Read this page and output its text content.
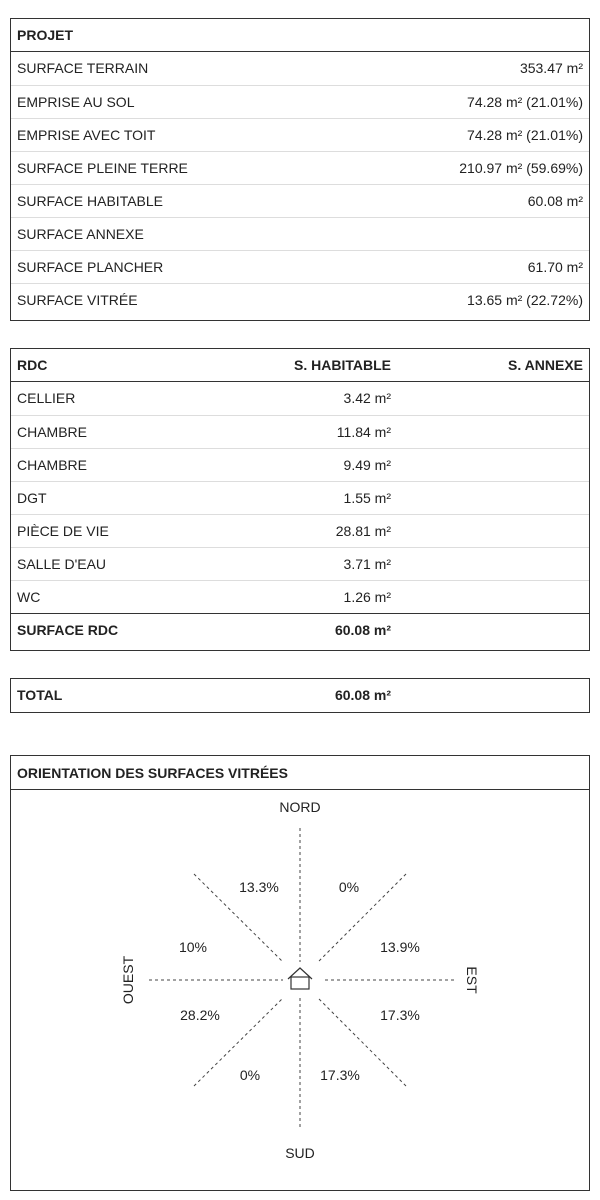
PROJET
SURFACE TERRAIN	353.47 m²
EMPRISE AU SOL	74.28 m² (21.01%)
EMPRISE AVEC TOIT	74.28 m² (21.01%)
SURFACE PLEINE TERRE	210.97 m² (59.69%)
SURFACE HABITABLE	60.08 m²
SURFACE ANNEXE
SURFACE PLANCHER	61.70 m²
SURFACE VITRÉE	13.65 m² (22.72%)
RDC	S. HABITABLE	S. ANNEXE
CELLIER	3.42 m²
CHAMBRE	11.84 m²
CHAMBRE	9.49 m²
DGT	1.55 m²
PIÈCE DE VIE	28.81 m²
SALLE D'EAU	3.71 m²
WC	1.26 m²
SURFACE RDC	60.08 m²
TOTAL	60.08 m²
ORIENTATION DES SURFACES VITRÉES
NORD
SUD
OUEST	EST
13.3%	0%
13.9%
17.3%
17.3%
0%
28.2%
10%
